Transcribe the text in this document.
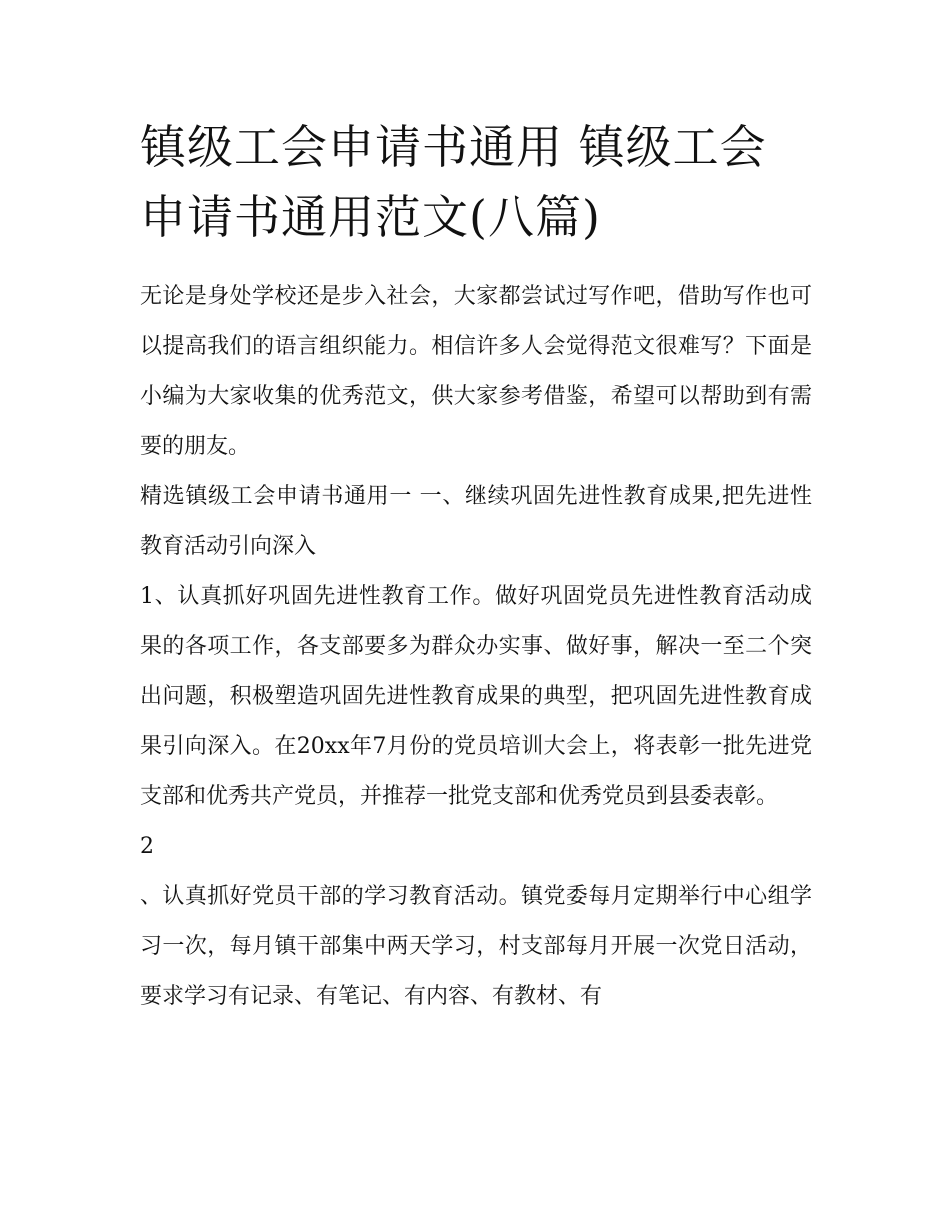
镇级工会申请书通用 镇级工会申请书通用范文(八篇)

无论是身处学校还是步入社会，大家都尝试过写作吧，借助写作也可以提高我们的语言组织能力。相信许多人会觉得范文很难写？下面是小编为大家收集的优秀范文，供大家参考借鉴，希望可以帮助到有需要的朋友。

精选镇级工会申请书通用一 一、继续巩固先进性教育成果,把先进性教育活动引向深入

1、认真抓好巩固先进性教育工作。做好巩固党员先进性教育活动成果的各项工作，各支部要多为群众办实事、做好事，解决一至二个突出问题，积极塑造巩固先进性教育成果的典型，把巩固先进性教育成果引向深入。在20xx年7月份的党员培训大会上，将表彰一批先进党支部和优秀共产党员，并推荐一批党支部和优秀党员到县委表彰。

2

、认真抓好党员干部的学习教育活动。镇党委每月定期举行中心组学习一次，每月镇干部集中两天学习，村支部每月开展一次党日活动，要求学习有记录、有笔记、有内容、有教材、有
